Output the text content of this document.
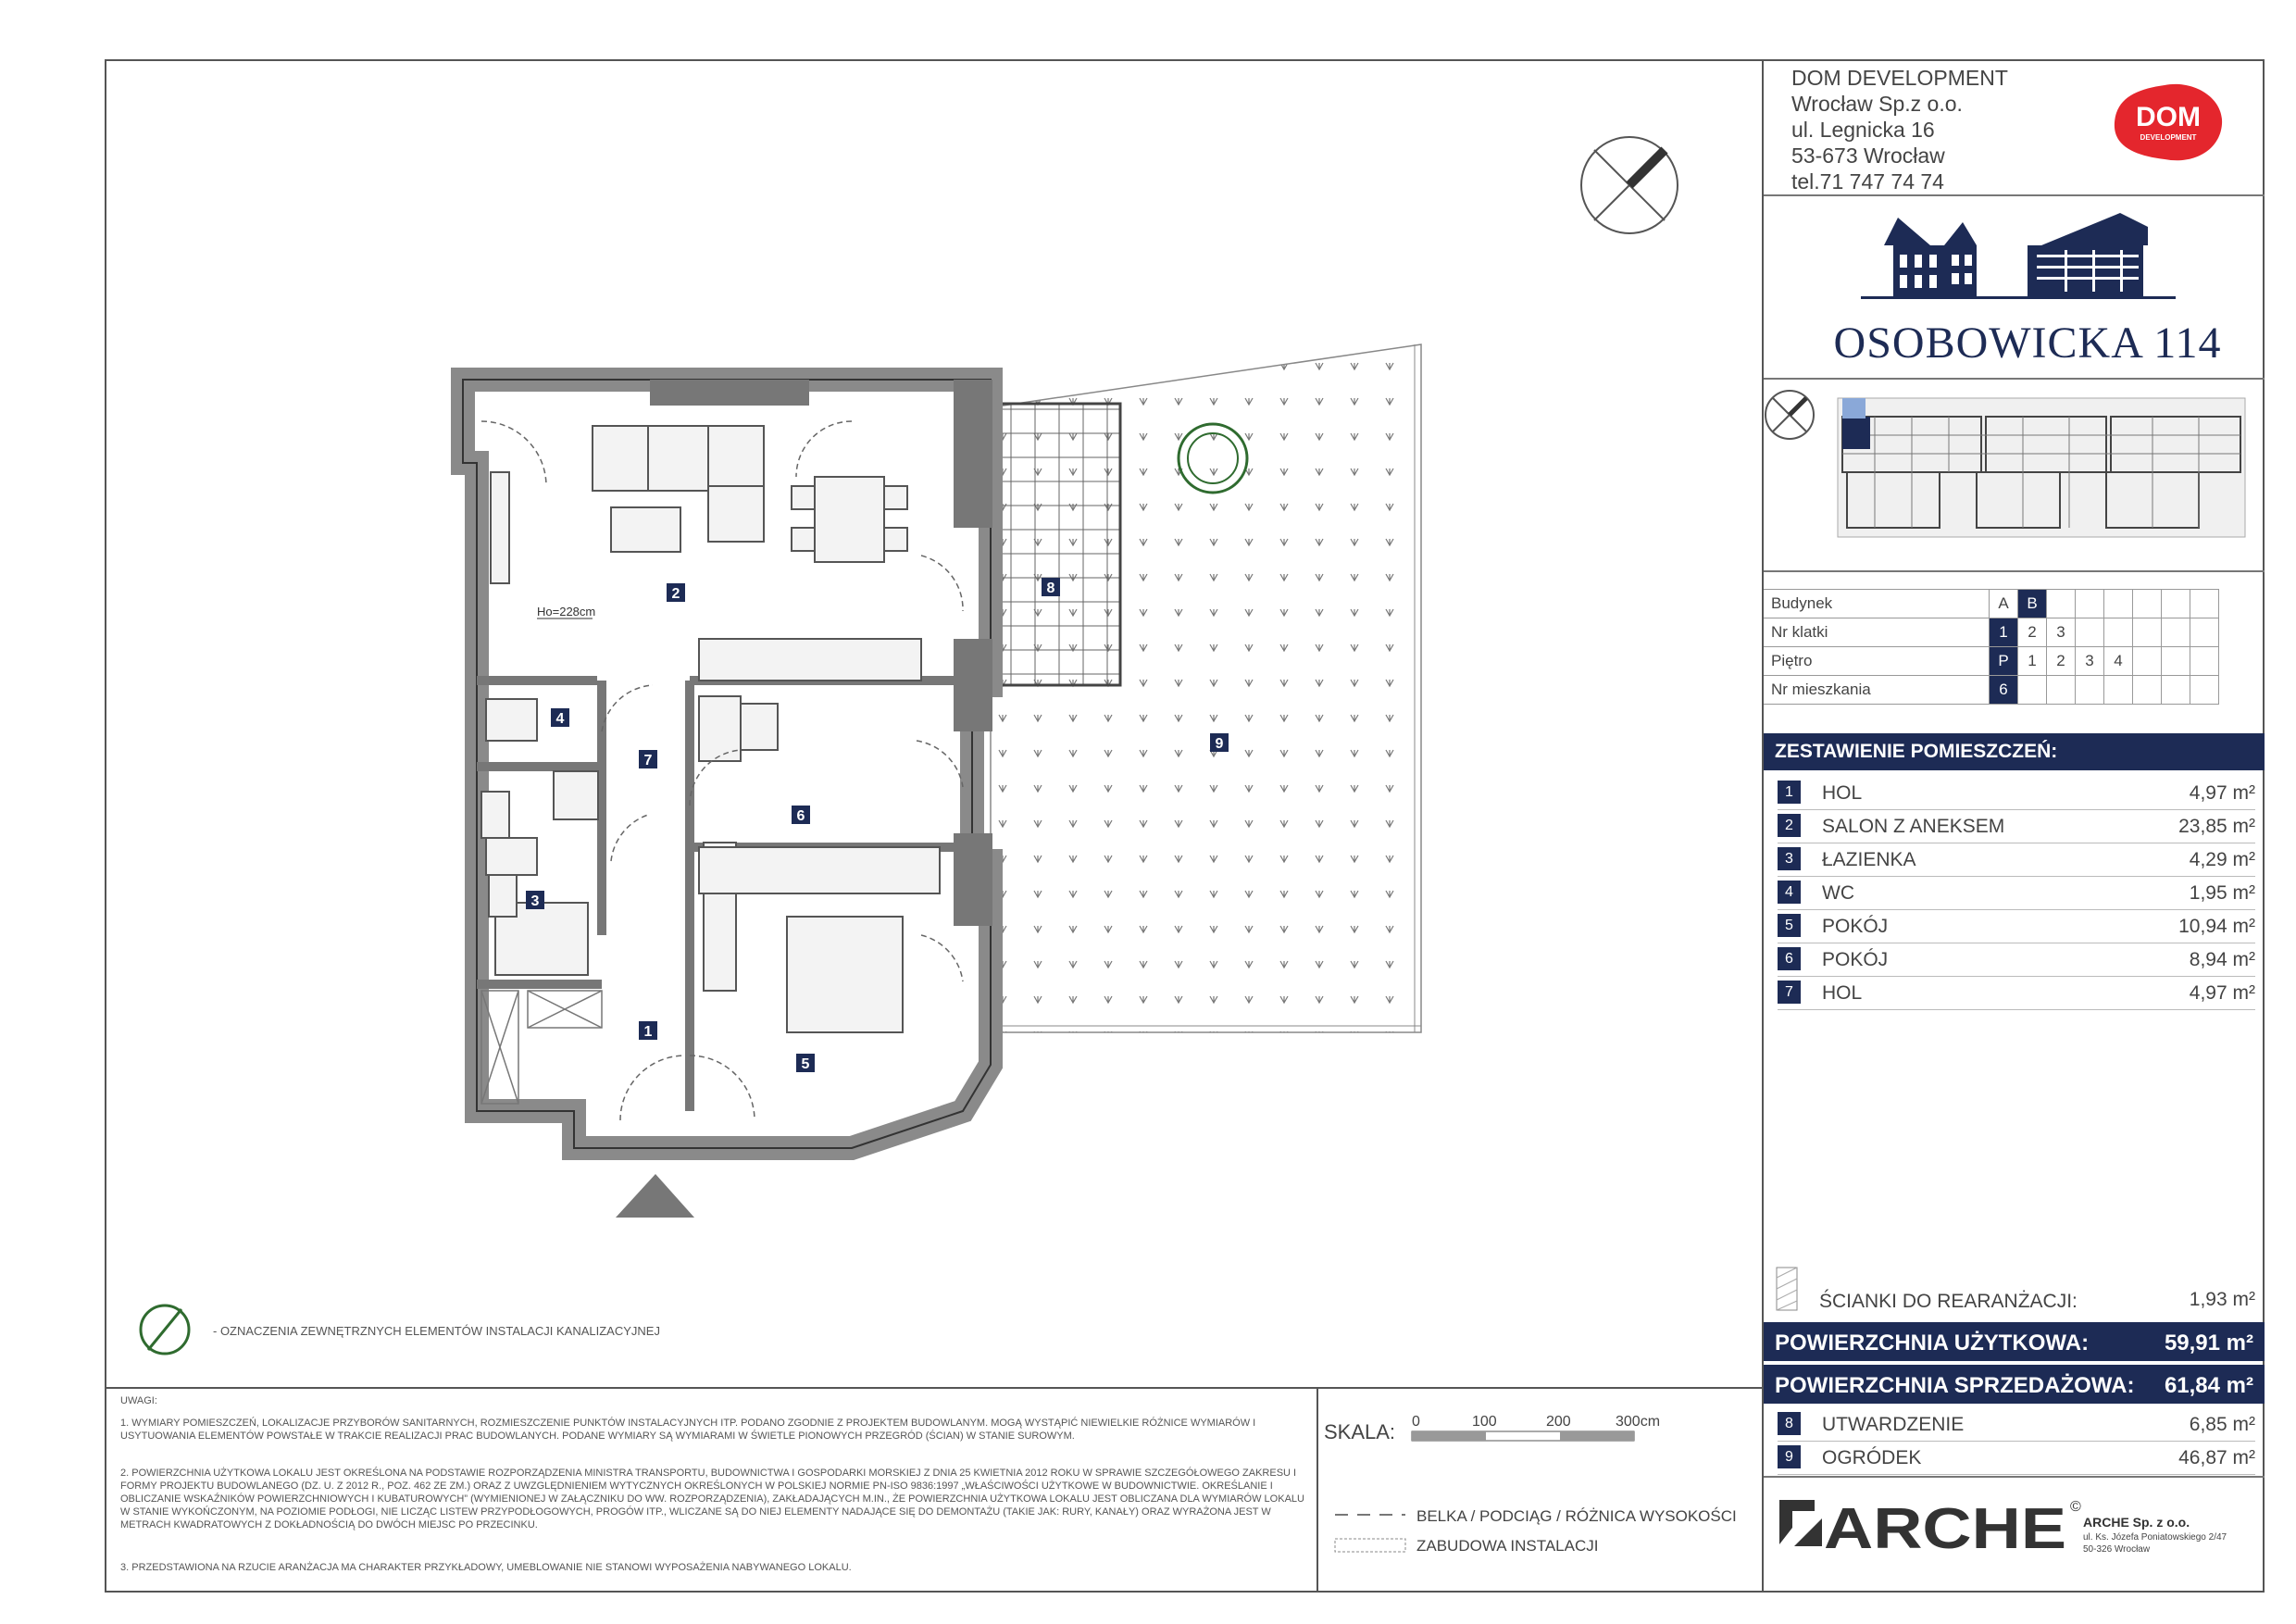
DOM DEVELOPMENT
Wrocław Sp.z o.o.
ul. Legnicka 16
53-673 Wrocław
tel.71 747 74 74
DOM
DEVELOPMENT
OSOBOWICKA 114
Budynek	A	B						
Nr klatki	1	2	3					
Piętro	P	1	2	3	4			
Nr mieszkania	6							
ZESTAWIENIE POMIESZCZEŃ:
1	HOL	4,97 m²
2	SALON Z ANEKSEM	23,85 m²
3	ŁAZIENKA	4,29 m²
4	WC	1,95 m²
5	POKÓJ	10,94 m²
6	POKÓJ	8,94 m²
7	HOL	4,97 m²
ŚCIANKI DO REARANŻACJI:	1,93 m²
POWIERZCHNIA UŻYTKOWA:	59,91 m²
POWIERZCHNIA SPRZEDAŻOWA: 61,84 m²
8	UTWARDZENIE	6,85 m²
9	OGRÓDEK	46,87 m²
ARCHE ©
ARCHE Sp. z o.o.
ul. Ks. Józefa Poniatowskiego 2/47
50-326 Wrocław
UWAGI:
1. WYMIARY POMIESZCZEŃ, LOKALIZACJE PRZYBORÓW SANITARNYCH, ROZMIESZCZENIE PUNKTÓW INSTALACYJNYCH ITP. PODANO ZGODNIE Z PROJEKTEM BUDOWLANYM. MOGĄ WYSTĄPIĆ NIEWIELKIE RÓŻNICE WYMIARÓW I USYTUOWANIA ELEMENTÓW POWSTAŁE W TRAKCIE REALIZACJI PRAC BUDOWLANYCH. PODANE WYMIARY SĄ WYMIARAMI W ŚWIETLE PIONOWYCH PRZEGRÓD (ŚCIAN) W STANIE SUROWYM.
2. POWIERZCHNIA UŻYTKOWA LOKALU JEST OKREŚLONA NA PODSTAWIE ROZPORZĄDZENIA MINISTRA TRANSPORTU, BUDOWNICTWA I GOSPODARKI MORSKIEJ Z DNIA 25 KWIETNIA 2012 ROKU W SPRAWIE SZCZEGÓŁOWEGO ZAKRESU I FORMY PROJEKTU BUDOWLANEGO (DZ. U. Z 2012 R., POZ. 462 ZE ZM.) ORAZ Z UWZGLĘDNIENIEM WYTYCZNYCH OKREŚLONYCH W POLSKIEJ NORMIE PN-ISO 9836:1997 „WŁAŚCIWOŚCI UŻYTKOWE W BUDOWNICTWIE. OKREŚLANIE I OBLICZANIE WSKAŹNIKÓW POWIERZCHNIOWYCH I KUBATUROWYCH” (WYMIENIONEJ W ZAŁĄCZNIKU DO WW. ROZPORZĄDZENIA), ZAKŁADAJĄCYCH M.IN., ŻE POWIERZCHNIA UŻYTKOWA LOKALU JEST OBLICZANA DLA WYMIARÓW LOKALU W STANIE WYKOŃCZONYM, NA POZIOMIE PODŁOGI, NIE LICZĄC LISTEW PRZYPODŁOGOWYCH, PROGÓW ITP., WLICZANE SĄ DO NIEJ ELEMENTY NADAJĄCE SIĘ DO DEMONTAŻU (TAKIE JAK: RURY, KANAŁY) ORAZ WYRAŻONA JEST W METRACH KWADRATOWYCH Z DOKŁADNOŚCIĄ DO DWÓCH MIEJSC PO PRZECINKU.
3. PRZEDSTAWIONA NA RZUCIE ARANŻACJA MA CHARAKTER PRZYKŁADOWY, UMEBLOWANIE NIE STANOWI WYPOSAŻENIA NABYWANEGO LOKALU.
SKALA: 0	100	200	300cm
BELKA / PODCIĄG / RÓŻNICA WYSOKOŚCI
ZABUDOWA INSTALACJI
- OZNACZENIA ZEWNĘTRZNYCH ELEMENTÓW INSTALACJI KANALIZACYJNEJ
1
2
3
4
5
6
7
8
9
Ho=228cm
